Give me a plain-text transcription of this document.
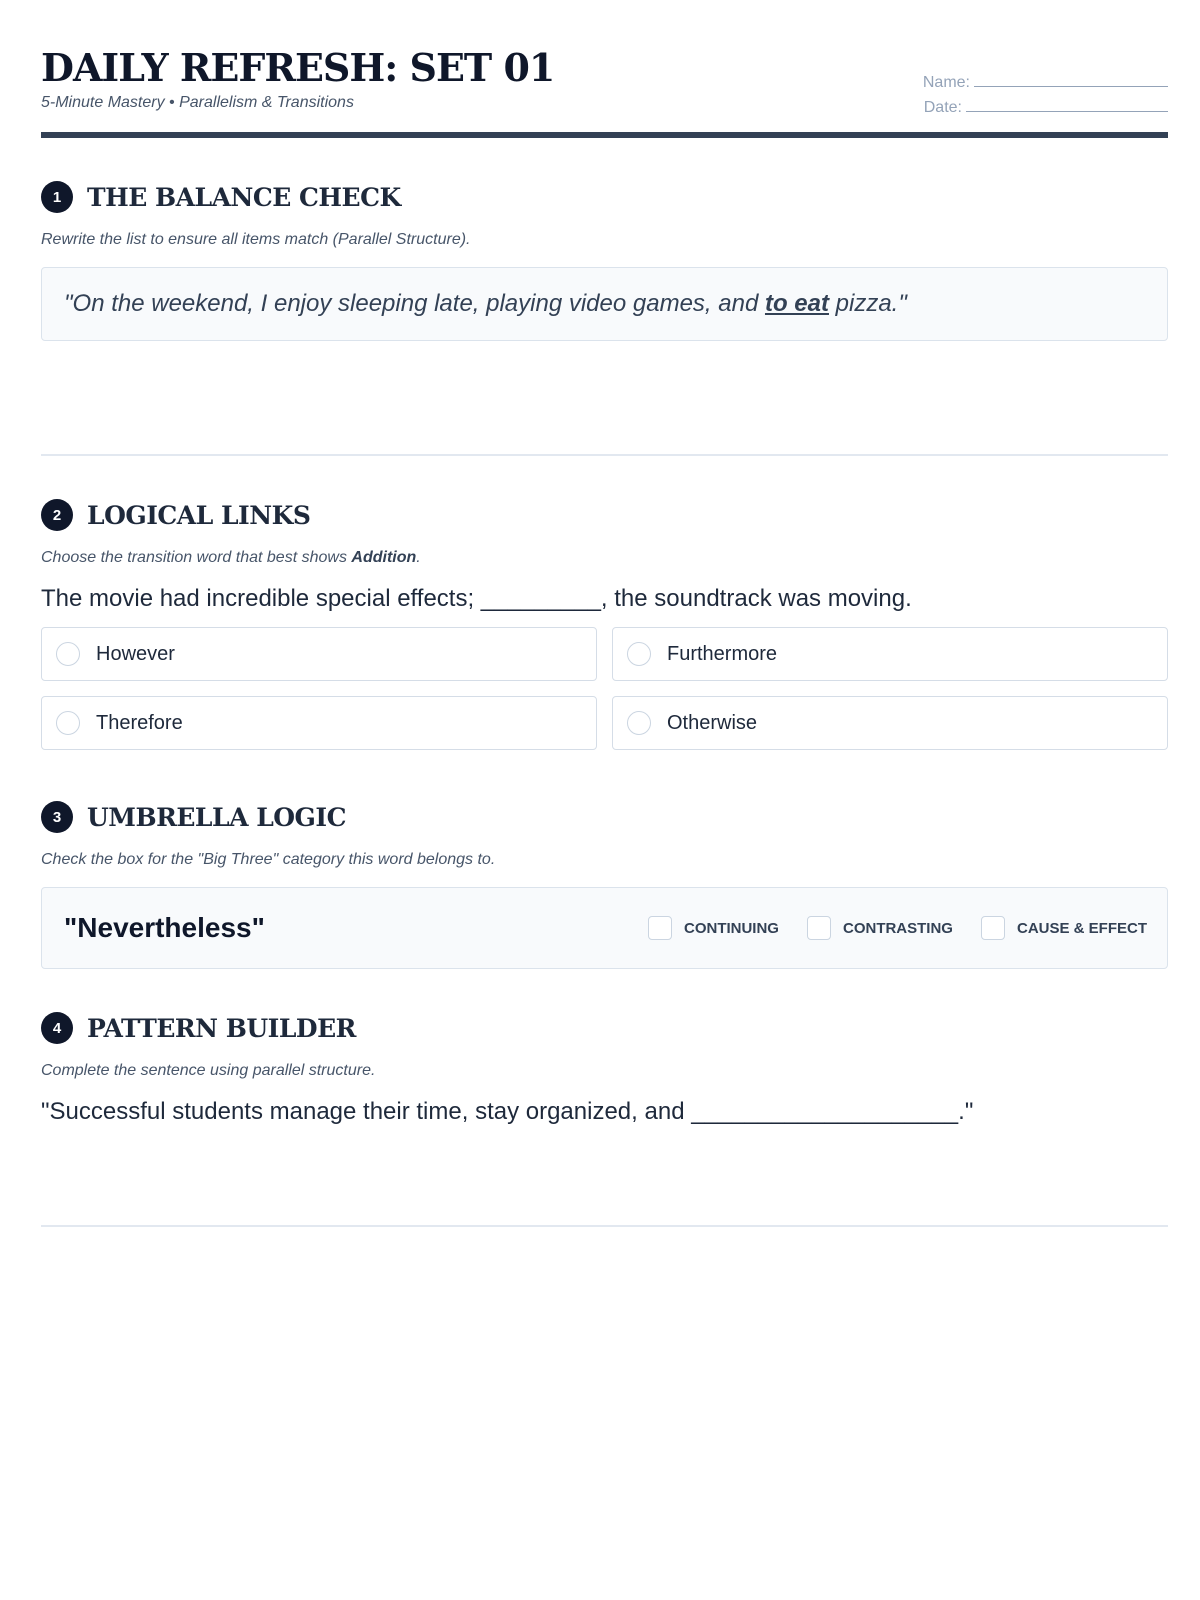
DAILY REFRESH: SET 01
5-Minute Mastery • Parallelism & Transitions
Name:
Date:
1	THE BALANCE CHECK
Rewrite the list to ensure all items match (Parallel Structure).
"On the weekend, I enjoy sleeping late, playing video games, and to eat pizza."
2	LOGICAL LINKS
Choose the transition word that best shows Addition.
The movie had incredible special effects; _________, the soundtrack was moving.
However	Furthermore
Therefore	Otherwise
3	UMBRELLA LOGIC
Check the box for the "Big Three" category this word belongs to.
"Nevertheless"	CONTINUING	CONTRASTING	CAUSE & EFFECT
4	PATTERN BUILDER
Complete the sentence using parallel structure.
"Successful students manage their time, stay organized, and ____________________."
